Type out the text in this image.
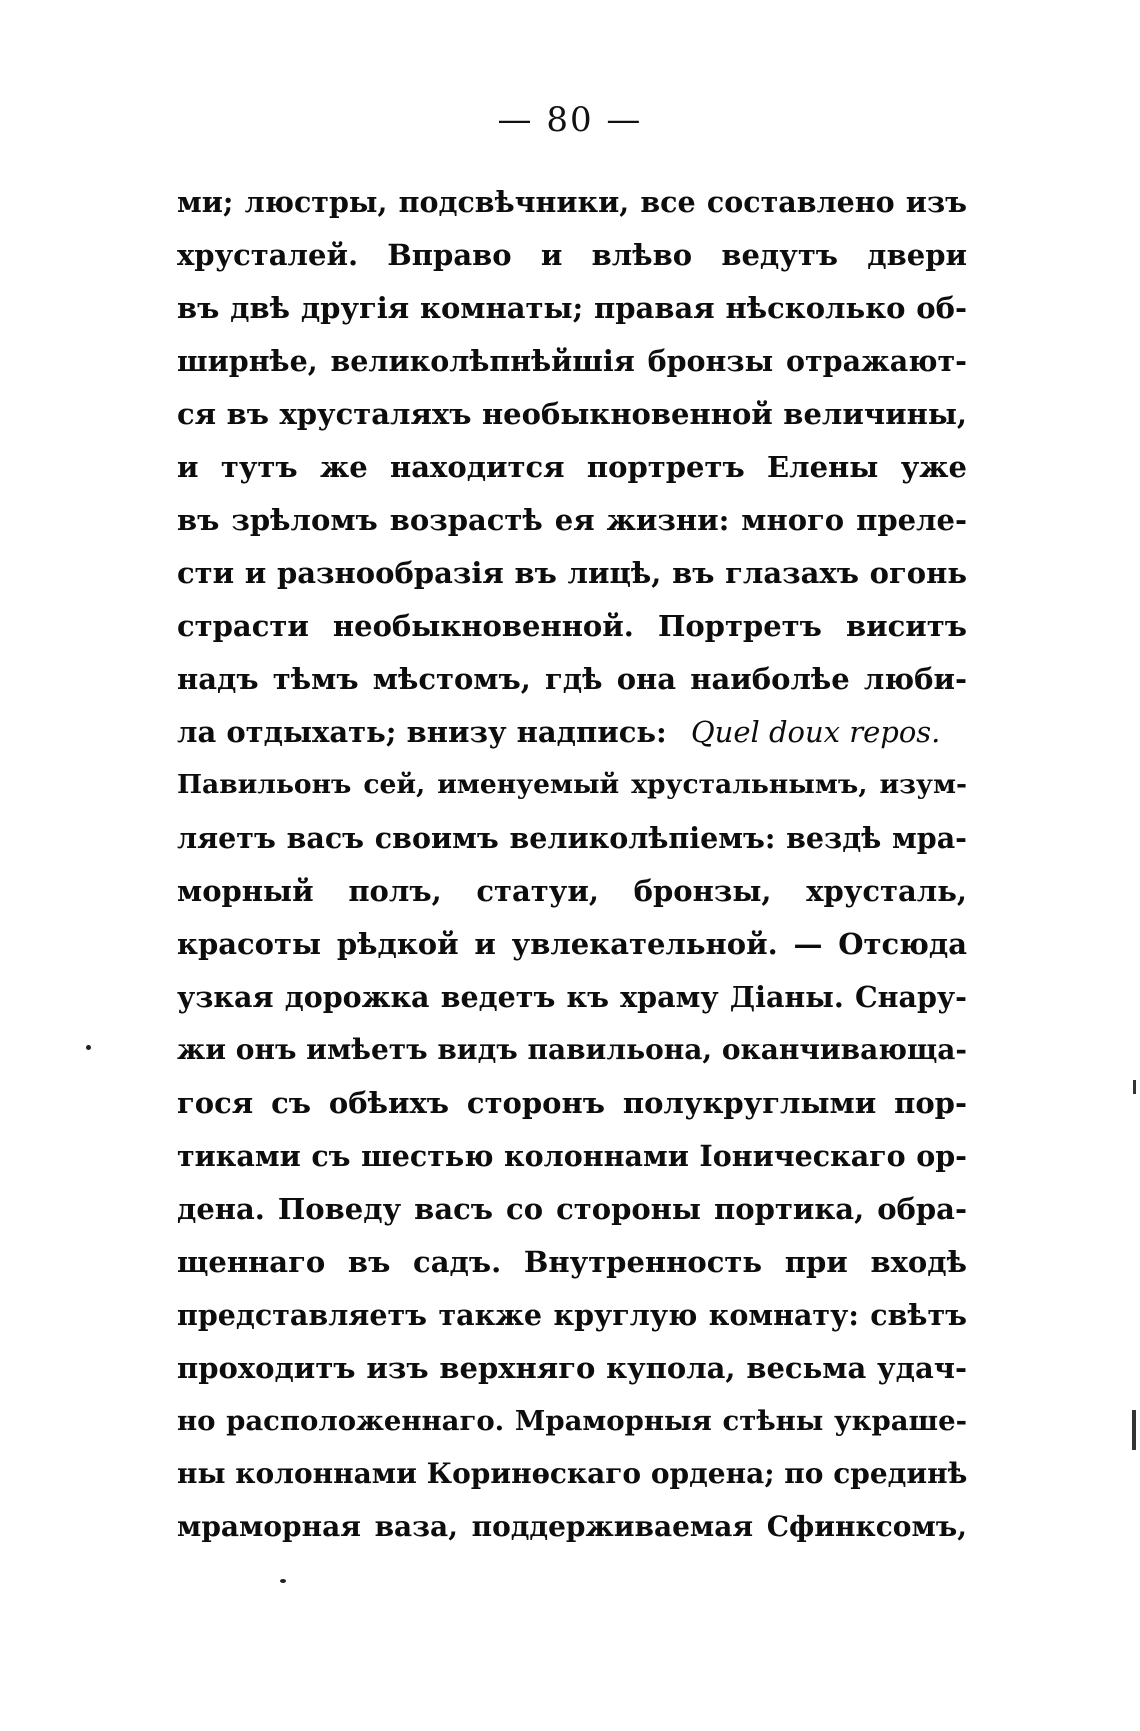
— 80 —
ми; люстры, подсвѣчники, все составлено изъ
хрусталей. Вправо и влѣво ведутъ двери
въ двѣ другія комнаты; правая нѣсколько об-
ширнѣе, великолѣпнѣйшія бронзы отражают-
ся въ хрусталяхъ необыкновенной величины,
и тутъ же находится портретъ Елены уже
въ зрѣломъ возрастѣ ея жизни: много преле-
сти и разнообразія въ лицѣ, въ глазахъ огонь
страсти необыкновенной. Портретъ виситъ
надъ тѣмъ мѣстомъ, гдѣ она наиболѣе люби-
ла отдыхать; внизу надпись: Quel doux repos.
Павильонъ сей, именуемый хрустальнымъ, изум-
ляетъ васъ своимъ великолѣпіемъ: вездѣ мра-
морный полъ, статуи, бронзы, хрусталь,
красоты рѣдкой и увлекательной. — Отсюда
узкая дорожка ведетъ къ храму Діаны. Снару-
жи онъ имѣетъ видъ павильона, оканчивающа-
гося съ обѣихъ сторонъ полукруглыми пор-
тиками съ шестью колоннами Іоническаго ор-
дена. Поведу васъ со стороны портика, обра-
щеннаго въ садъ. Внутренность при входѣ
представляетъ также круглую комнату: свѣтъ
проходитъ изъ верхняго купола, весьма удач-
но расположеннаго. Мраморныя стѣны украше-
ны колоннами Коринѳскаго ордена; по срединѣ
мраморная ваза, поддерживаемая Сфинксомъ,
